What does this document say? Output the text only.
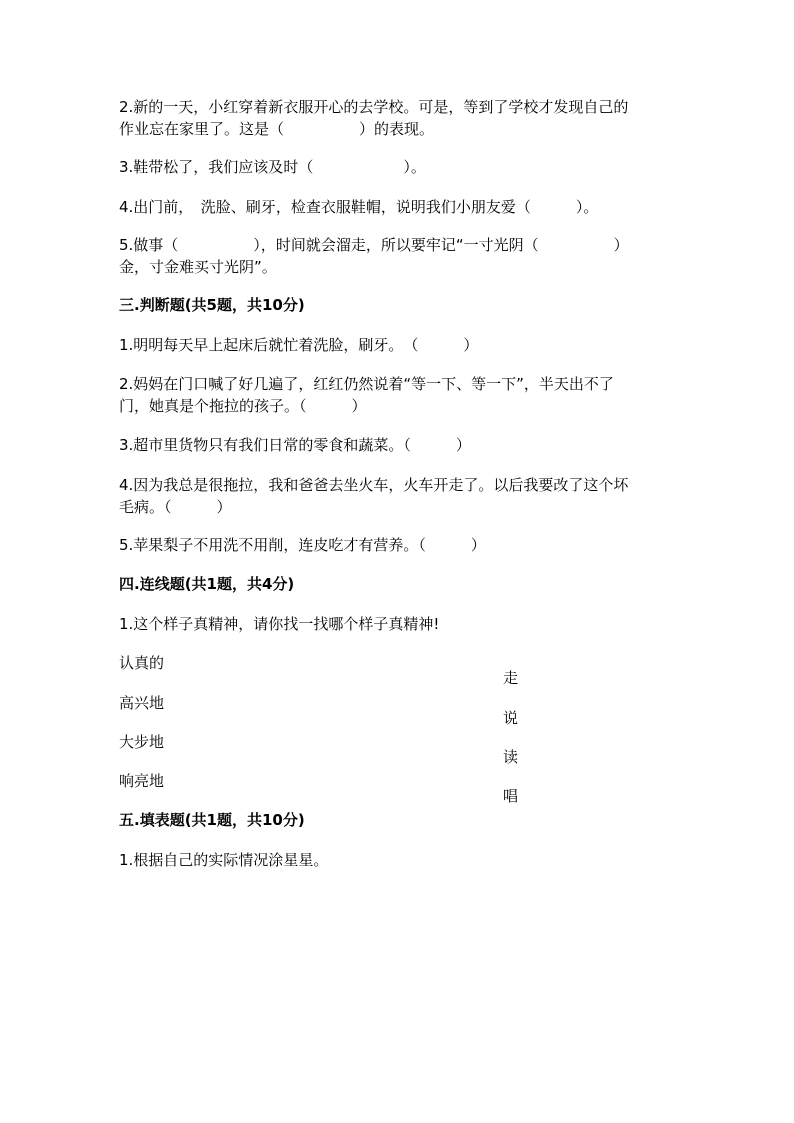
2.新的一天，小红穿着新衣服开心的去学校。可是，等到了学校才发现自己的

作业忘在家里了。这是（　　　　　）的表现。

3.鞋带松了，我们应该及时（　　　　　　）。

4.出门前，　洗脸、刷牙，检查衣服鞋帽，说明我们小朋友爱（　　　）。

5.做事（　　　　　），时间就会溜走，所以要牢记“一寸光阴（　　　　　）

金，寸金难买寸光阴”。

三.判断题(共5题，共10分)

1.明明每天早上起床后就忙着洗脸，刷牙。　（　　　）

2.妈妈在门口喊了好几遍了，红红仍然说着“等一下、等一下”，半天出不了

门，她真是个拖拉的孩子。（　　　）

3.超市里货物只有我们日常的零食和蔬菜。（　　　）

4.因为我总是很拖拉，我和爸爸去坐火车，火车开走了。以后我要改了这个坏

毛病。（　　　）

5.苹果梨子不用洗不用削，连皮吃才有营养。（　　　）

四.连线题(共1题，共4分)

1.这个样子真精神，请你找一找哪个样子真精神!

认真的

走

高兴地

说

大步地

读

响亮地

唱

五.填表题(共1题，共10分)

1.根据自己的实际情况涂星星。
